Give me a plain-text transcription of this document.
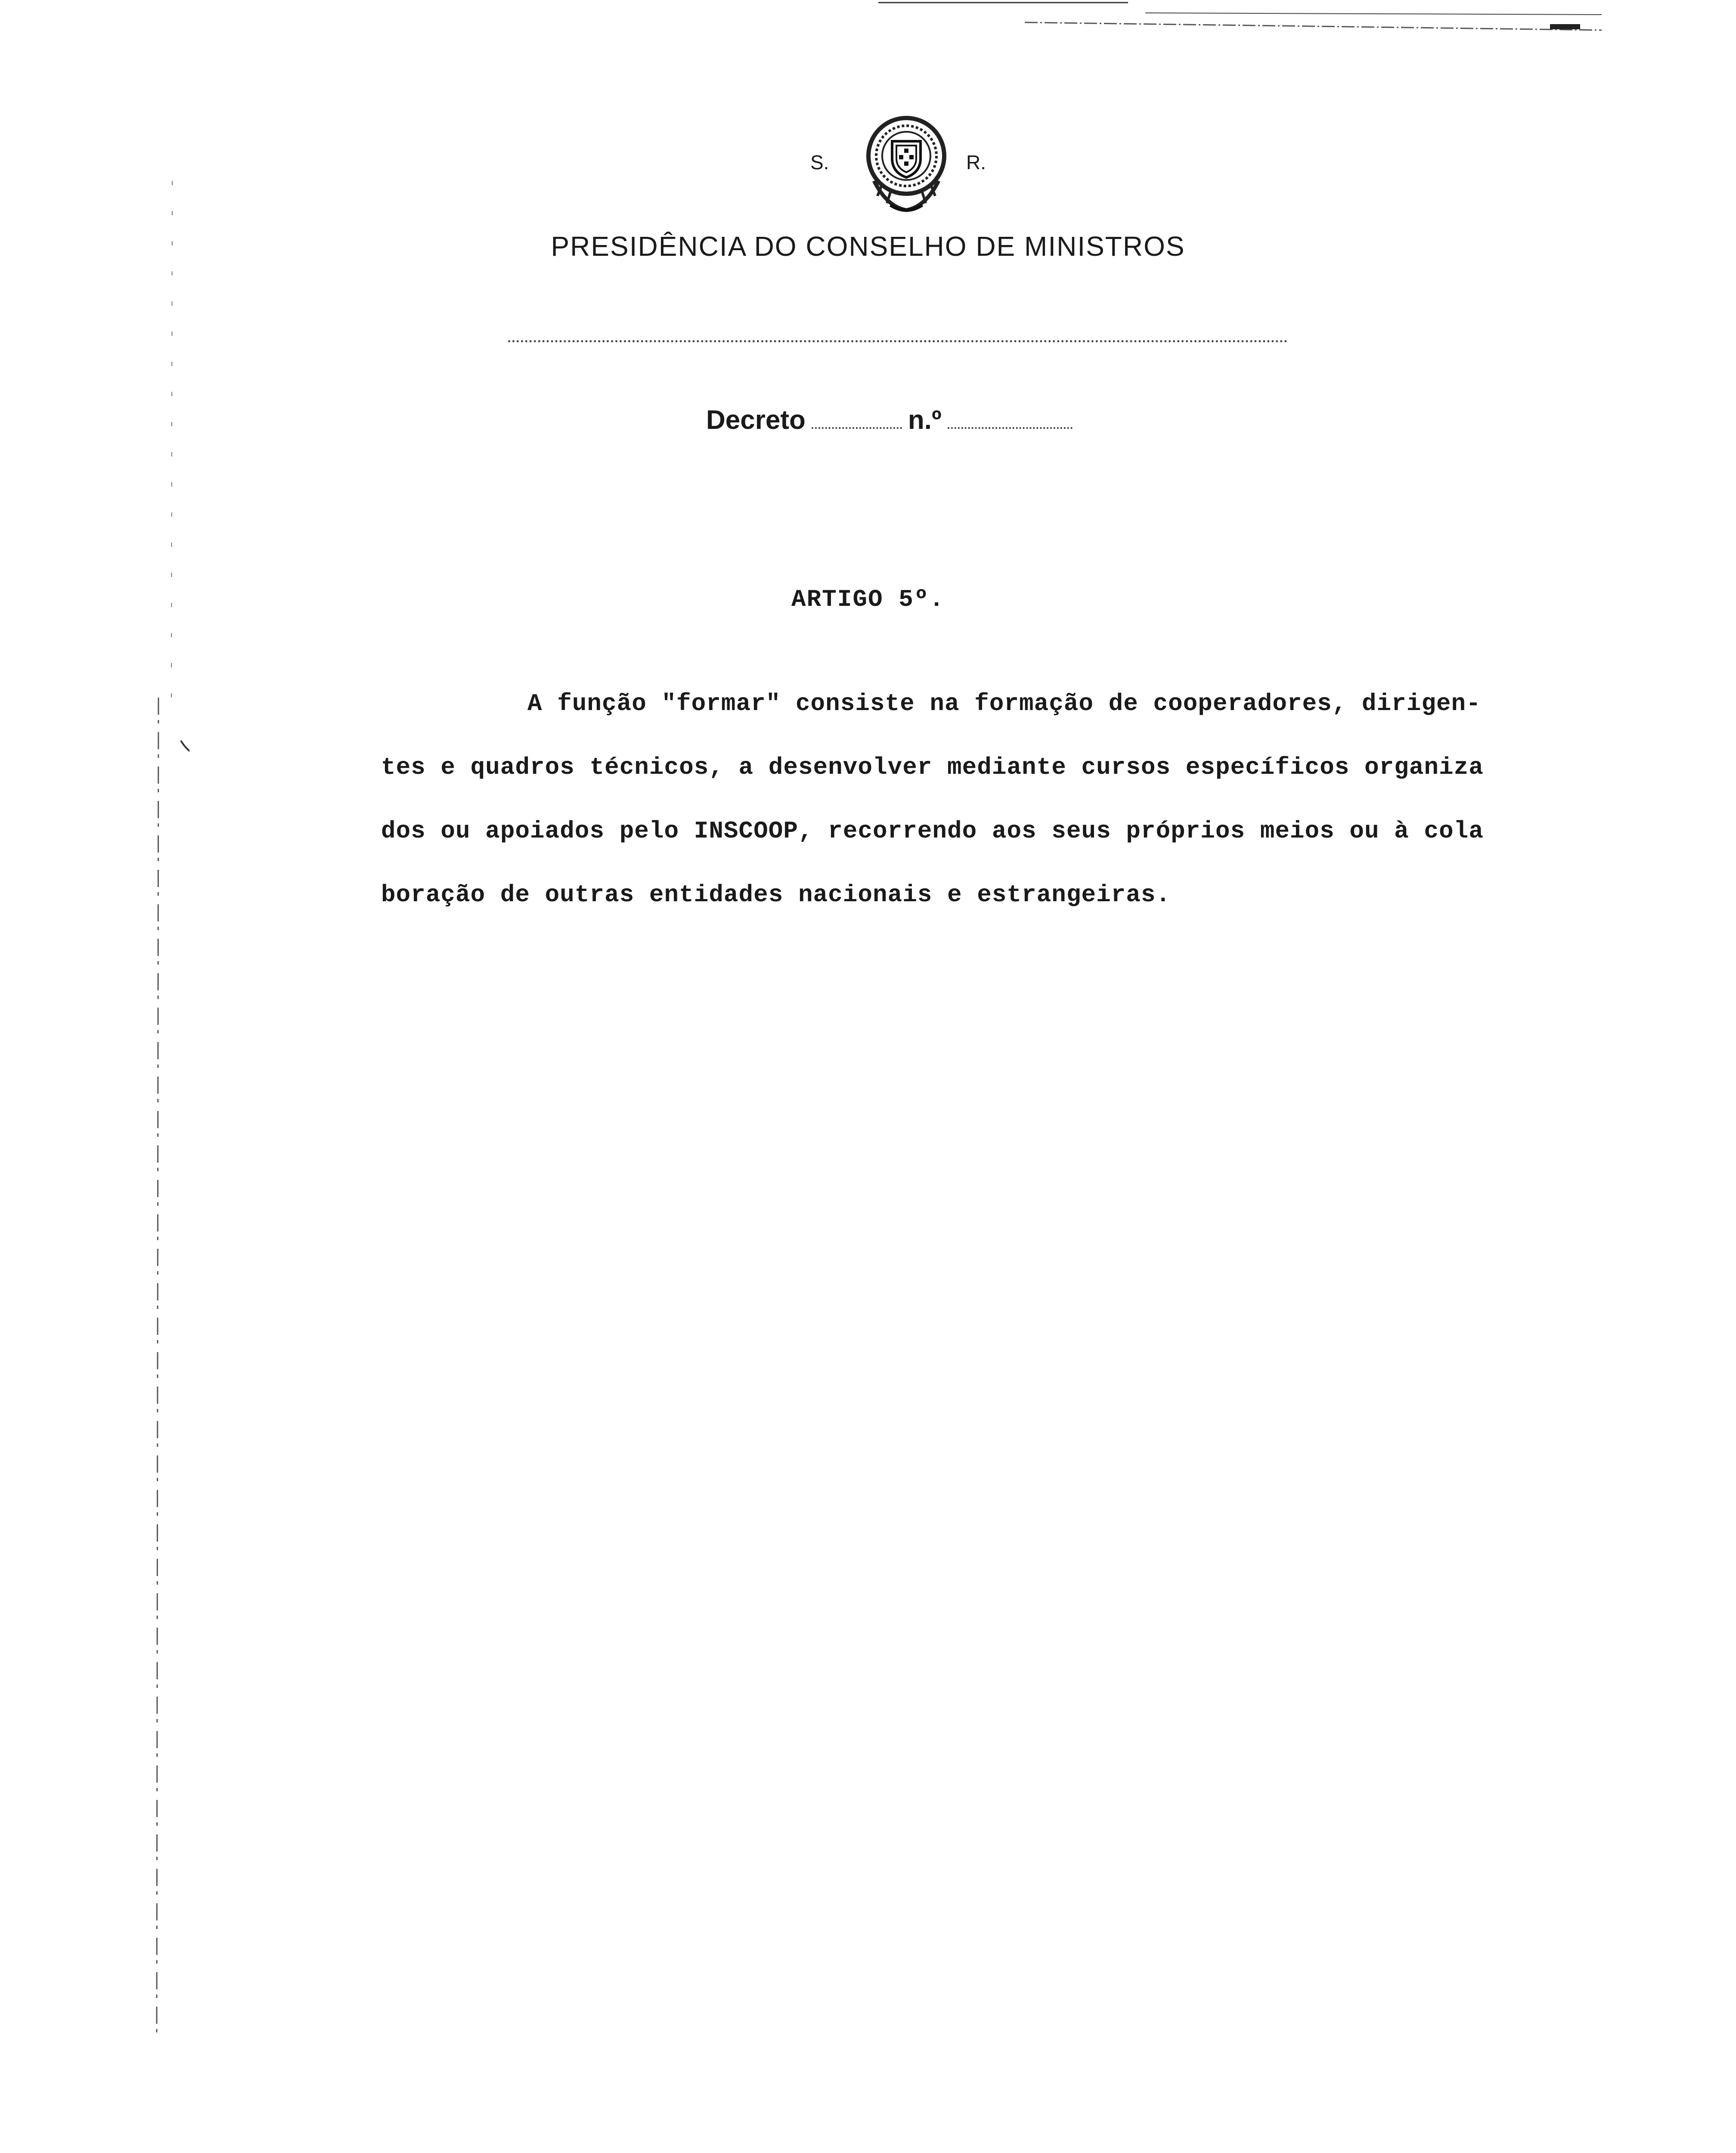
S.	R.
PRESIDÊNCIA DO CONSELHO DE MINISTROS
Decreto	n.º
ARTIGO 5º.
A função "formar" consiste na formação de cooperadores, dirigen-
tes e quadros técnicos, a desenvolver mediante cursos específicos organiza
dos ou apoiados pelo INSCOOP, recorrendo aos seus próprios meios ou à cola
boração de outras entidades nacionais e estrangeiras.
